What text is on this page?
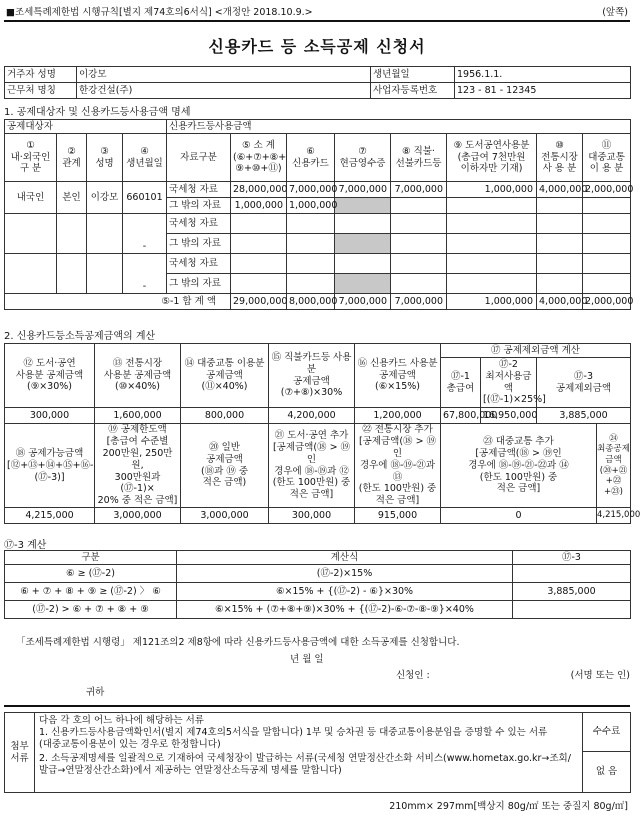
■조세특례제한법 시행규칙[별지 제74호의6서식] <개정안 2018.10.9.>	(앞쪽)
신용카드 등 소득공제 신청서
거주자 성명	이강모	생년월일	1956.1.1.
근무처 명칭	한강건설(주)	사업자등록번호	123 - 81 - 12345
1. 공제대상자 및 신용카드등사용금액 명세
공제대상자				신용카드등사용금액							
①
내·외국인
구 분	②
관계	③
성명	④
생년월일	자료구분	⑤ 소 계
(⑥+⑦+⑧+
⑨+⑩+⑪)	⑥
신용카드	⑦
현금영수증	⑧ 직불·
선불카드등	⑨ 도서공연사용분
(총급여 7천만원
이하자만 기재)	⑩
전통시장
사 용 분	⑪
대중교통
이 용 분
내국인	본인	이강모	660101	국세청 자료	28,000,000	7,000,000	7,000,000	7,000,000	1,000,000	4,000,000	2,000,000
				그 밖의 자료	1,000,000	1,000,000					
			-	국세청 자료							
				그 밖의 자료							
			-	국세청 자료							
				그 밖의 자료							
⑤-1 합 계 액					29,000,000	8,000,000	7,000,000	7,000,000	1,000,000	4,000,000	2,000,000
2. 신용카드등소득공제금액의 계산
⑫ 도서·공연
사용분 공제금액
(⑨×30%)	⑬ 전통시장
사용분 공제금액
(⑩×40%)	⑭ 대중교통 이용분
공제금액
(⑪×40%)	⑮ 직불카드등 사용분
공제금액
(⑦+⑧)×30%	⑯ 신용카드 사용분
공제금액
(⑥×15%)	⑰ 공제제외금액 계산			
					⑰-1
총급여	⑰-2
최저사용금액
[(⑰-1)×25%]	⑰-3
공제제외금액	
300,000	1,600,000	800,000	4,200,000	1,200,000	67,800,000	16,950,000	3,885,000	
⑱ 공제가능금액
[⑫+⑬+⑭+⑮+⑯-
(⑰-3)]	⑲ 공제한도액
[총급여 수준별
200만원, 250만원,
300만원과 (⑰-1)×
20% 중 적은 금액]	⑳ 일반
공제금액
(⑱과 ⑲ 중
적은 금액)	㉑ 도서·공연 추가
[공제금액(⑱ > ⑲인
경우에 ⑱-⑲과 ⑫
(한도 100만원) 중
적은 금액]	㉒ 전통시장 추가
[공제금액(⑱ > ⑲인
경우에 ⑱-⑲-㉑과 ⑬
(한도 100만원) 중
적은 금액]	㉓ 대중교통 추가
[공제금액(⑱ > ⑲인
경우에 ⑱-⑲-㉑-㉒과 ⑭
(한도 100만원) 중
적은 금액]			㉔
최종공제금액
(⑳+㉑+㉒+㉓)
4,215,000	3,000,000	3,000,000	300,000	915,000	0			4,215,000
⑰-3 계산
구분	계산식	⑰-3
⑥ ≥ (⑰-2)	(⑰-2)×15%	
⑥ + ⑦ + ⑧ + ⑨ ≥ (⑰-2) 〉 ⑥	⑥×15% + {(⑰-2) - ⑥}×30%	3,885,000
(⑰-2) > ⑥ + ⑦ + ⑧ + ⑨	⑥×15% + (⑦+⑧+⑨)×30% + {(⑰-2)-⑥-⑦-⑧-⑨}×40%	
「조세특례제한법 시행령」 제121조의2 제8항에 따라 신용카드등사용금액에 대한 소득공제를 신청합니다.
년 월 일
신청인 :	(서명 또는 인)
귀하
첨부
서류	
다음 각 호의 어느 하나에 해당하는 서류
1. 신용카드등사용금액확인서(별지 제74호의5서식을 말합니다) 1부 및 승차권 등 대중교통이용분임을 증명할 수 있는 서류
(대중교통이용분이 있는 경우로 한정합니다)
2. 소득공제명세를 일괄적으로 기재하여 국세청장이 발급하는 서류(국세청 연말정산간소화 서비스(www.hometax.go.kr→조회/
발급→연말정산간소화)에서 제공하는 연말정산소득공제 명세를 말합니다)

수수료
없 음
210mm× 297mm[백상지 80g/㎡ 또는 중질지 80g/㎡]
